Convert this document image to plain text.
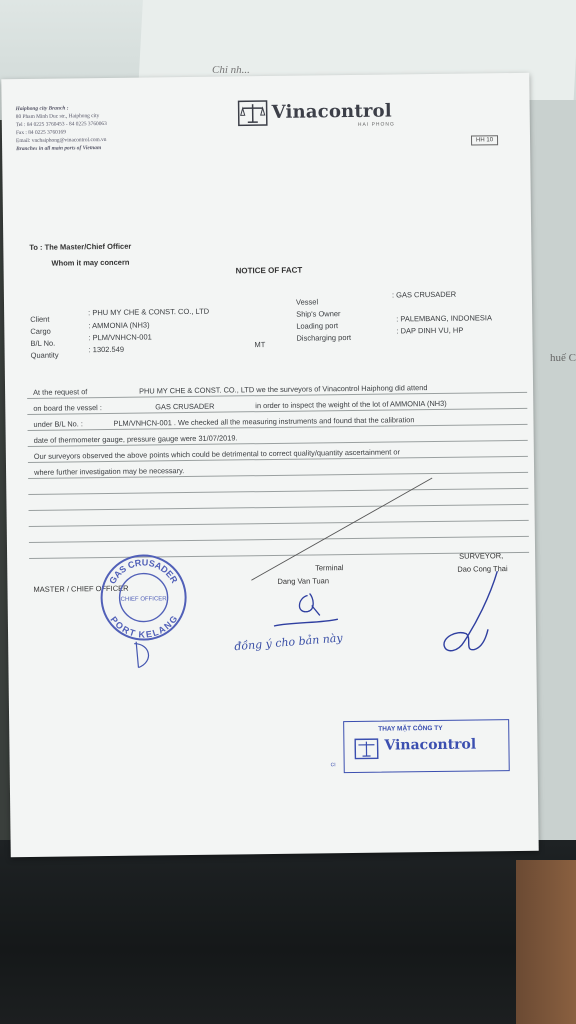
Chi nh...
huế C
Haiphong city Branch :
80 Pham Minh Duc str., Haiphong city
Tel : 84 0225 3760453 - 84 0225 3760063
Fax : 84 0225 3760169
Email: vnchaiphong@vinacontrol.com.vn
Branches in all main ports of Vietnam
Vinacontrol
HAI PHONG
HH 10
To : The Master/Chief Officer
Whom it may concern
NOTICE OF FACT
Client
: PHU MY CHE & CONST. CO., LTD
Cargo
: AMMONIA (NH3)
B/L No.
: PLM/VNHCN-001
Quantity
: 1302.549
MT
Vessel
: GAS CRUSADER
Ship's Owner
Loading port
: PALEMBANG, INDONESIA
Discharging port
: DAP DINH VU, HP
At the request of	PHU MY CHE & CONST. CO., LTD we the surveyors of Vinacontrol Haiphong did attend
on board the vessel :	GAS CRUSADER	in order to inspect the weight of the lot of AMMONIA (NH3)
under B/L No. :	PLM/VNHCN-001 . We checked all the measuring instruments and found that the calibration
date of thermometer gauge, pressure gauge were 31/07/2019.
Our surveyors observed the above points which could be detrimental to correct quality/quantity ascertainment or
where further investigation may be necessary.
MASTER / CHIEF OFFICER
Terminal
Dang Van Tuan
SURVEYOR,
Dao Cong Thai
GAS CRUSADER
PORT KELANG
CHIEF OFFICER
đồng ý cho bản này
THAY MẶT CÔNG TY
Vinacontrol
CI
